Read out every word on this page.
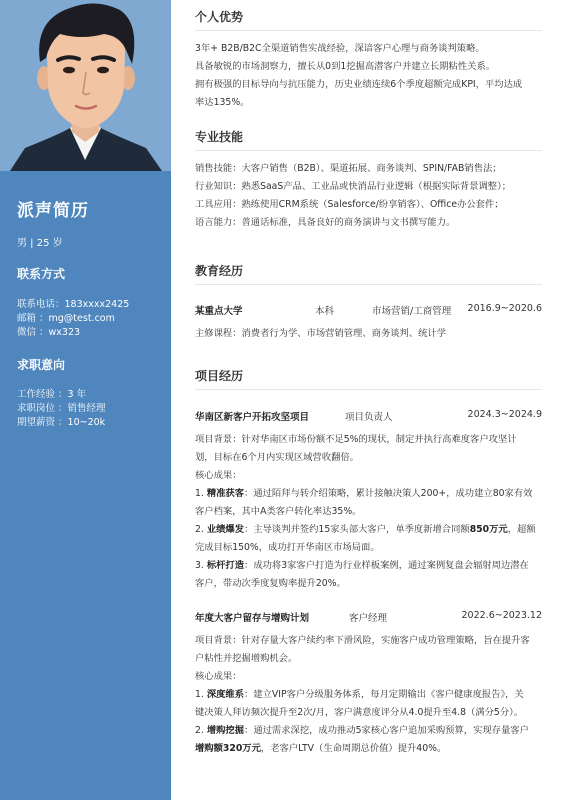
派声简历
男 | 25 岁
联系方式
联系电话：183xxxx2425
邮箱 ：mg@test.com
微信 ：wx323
求职意向
工作经验 ：3 年
求职岗位 ：销售经理
期望薪资 ：10~20k
个人优势
3年+ B2B/B2C全渠道销售实战经验，深谙客户心理与商务谈判策略。
具备敏锐的市场洞察力，擅长从0到1挖掘高潜客户并建立长期粘性关系。
拥有极强的目标导向与抗压能力，历史业绩连续6个季度超额完成KPI，平均达成
率达135%。
专业技能
销售技能：大客户销售（B2B）、渠道拓展、商务谈判、SPIN/FAB销售法；
行业知识：熟悉SaaS产品、工业品或快消品行业逻辑（根据实际背景调整）；
工具应用：熟练使用CRM系统（Salesforce/纷享销客）、Office办公套件；
语言能力：普通话标准，具备良好的商务演讲与文书撰写能力。
教育经历
某重点大学	本科	市场营销/工商管理 2016.9~2020.6
主修课程：消费者行为学、市场营销管理、商务谈判、统计学
项目经历
华南区新客户开拓攻坚项目	项目负责人	2024.3~2024.9
项目背景：针对华南区市场份额不足5%的现状，制定并执行高难度客户攻坚计
划，目标在6个月内实现区域营收翻倍。
核心成果：
1. 精准获客：通过陌拜与转介绍策略，累计接触决策人200+，成功建立80家有效
客户档案，其中A类客户转化率达35%。
2. 业绩爆发：主导谈判并签约15家头部大客户，单季度新增合同额850万元，超额
完成目标150%，成功打开华南区市场局面。
3. 标杆打造：成功将3家客户打造为行业样板案例，通过案例复盘会辐射周边潜在
客户，带动次季度复购率提升20%。
年度大客户留存与增购计划	客户经理	2022.6~2023.12
项目背景：针对存量大客户续约率下滑风险，实施客户成功管理策略，旨在提升客
户粘性并挖掘增购机会。
核心成果：
1. 深度维系：建立VIP客户分级服务体系，每月定期输出《客户健康度报告》，关
键决策人拜访频次提升至2次/月，客户满意度评分从4.0提升至4.8（满分5分）。
2. 增购挖掘：通过需求深挖，成功推动5家核心客户追加采购预算，实现存量客户
增购额320万元，老客户LTV（生命周期总价值）提升40%。
